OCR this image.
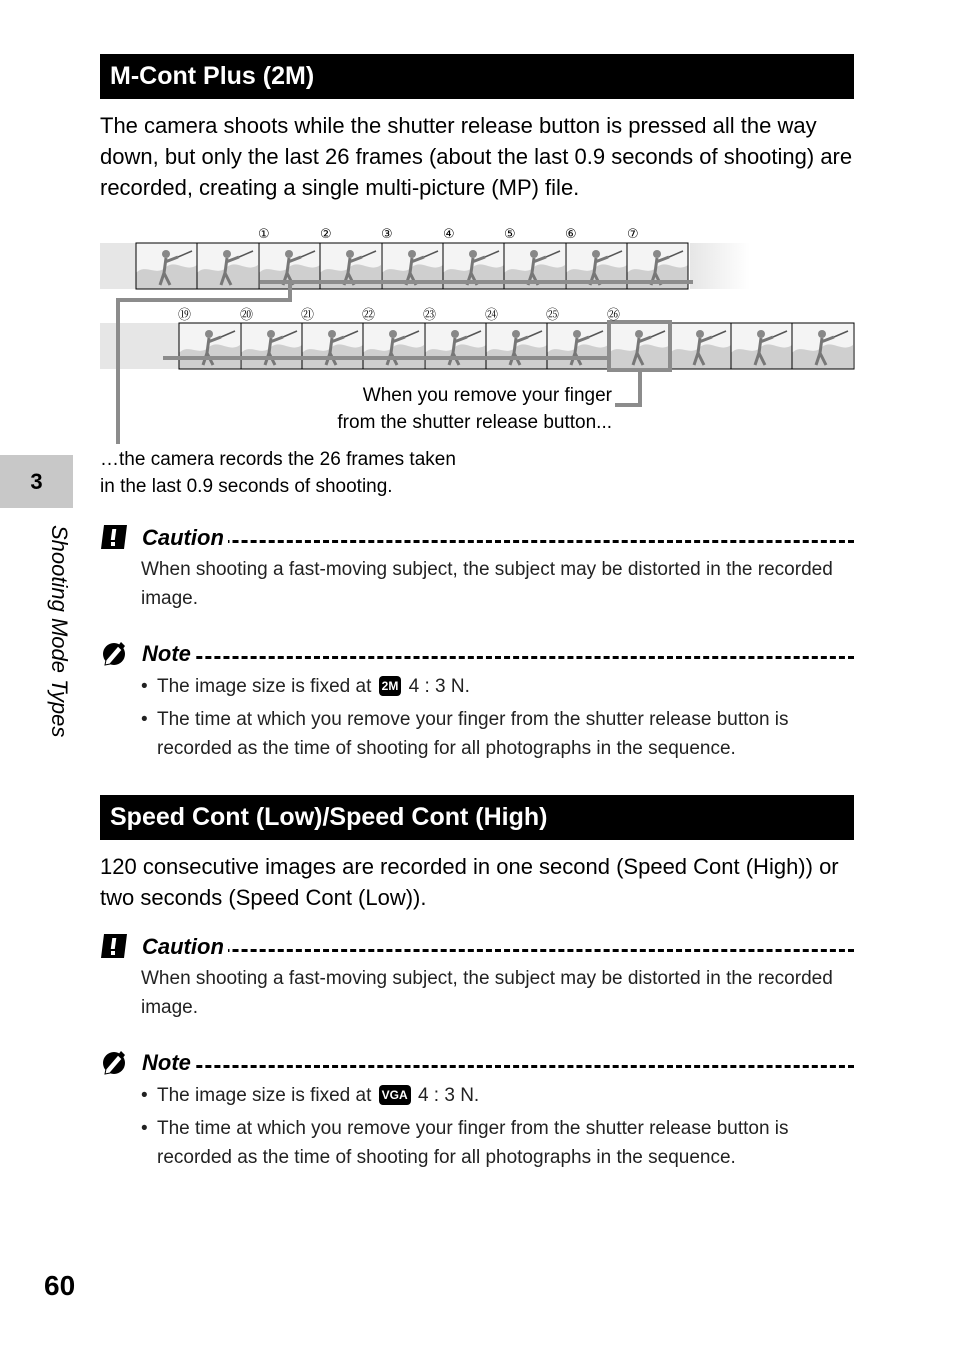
M-Cont Plus (2M)
The camera shoots while the shutter release button is pressed all the way down, but only the last 26 frames (about the last 0.9 seconds of shooting) are recorded, creating a single multi-picture (MP) file.
①	②	③	④	⑤	⑥	⑦
⑲	⑳	㉑	㉒	㉓	㉔	㉕	㉖
When you remove your finger
from the shutter release button...
…the camera records the 26 frames taken
in the last 0.9 seconds of shooting.
Caution
When shooting a fast-moving subject, the subject may be distorted in the recorded image.
Note
• The image size is fixed at 2M 4 : 3 N.
• The time at which you remove your finger from the shutter release button is recorded as the time of shooting for all photographs in the sequence.
Speed Cont (Low)/Speed Cont (High)
120 consecutive images are recorded in one second (Speed Cont (High)) or two seconds (Speed Cont (Low)).
Caution
When shooting a fast-moving subject, the subject may be distorted in the recorded image.
Note
• The image size is fixed at VGA 4 : 3 N.
• The time at which you remove your finger from the shutter release button is recorded as the time of shooting for all photographs in the sequence.
3
Shooting Mode Types
60
